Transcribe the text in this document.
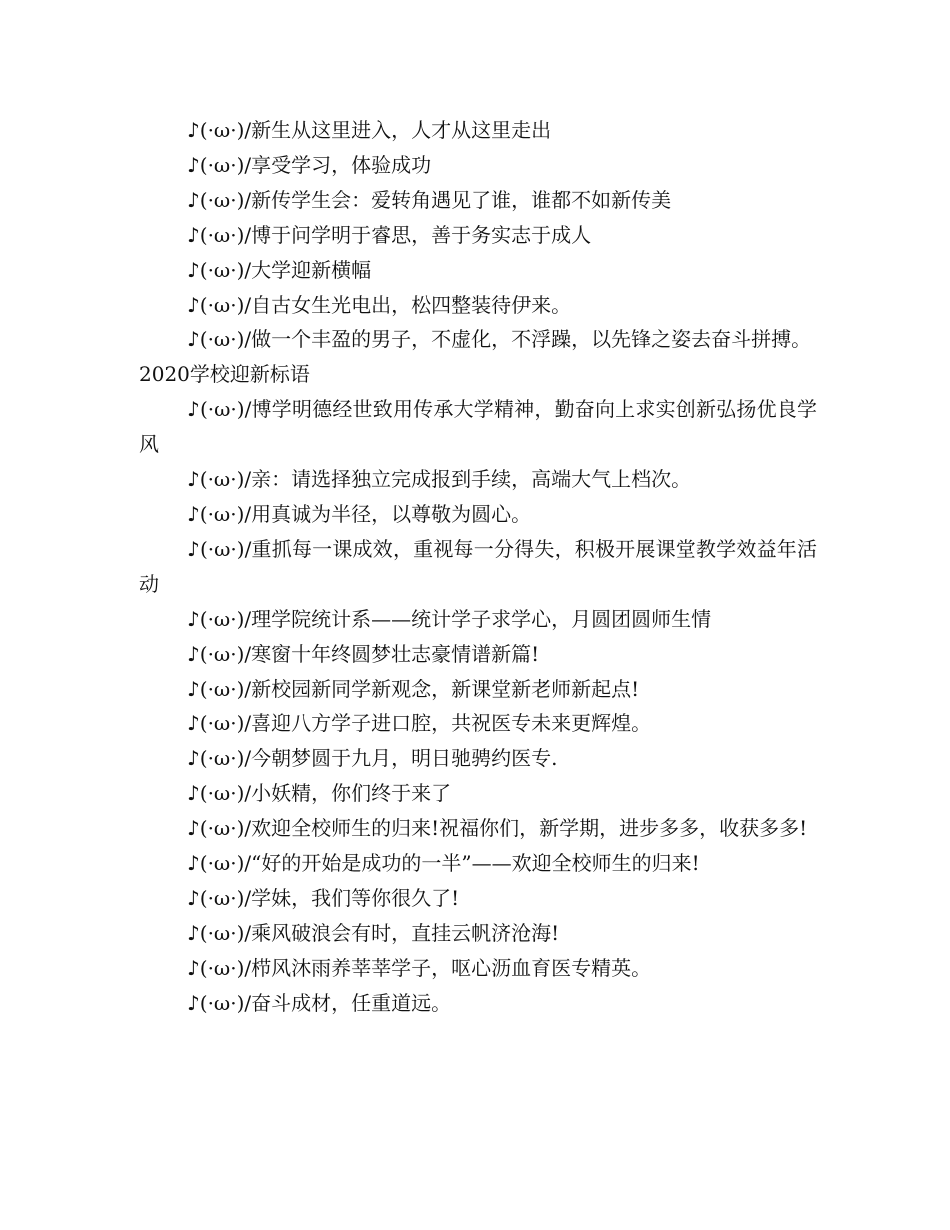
♪(·ω·)/新生从这里进入，人才从这里走出

♪(·ω·)/享受学习，体验成功

♪(·ω·)/新传学生会：爱转角遇见了谁，谁都不如新传美

♪(·ω·)/博于问学明于睿思，善于务实志于成人

♪(·ω·)/大学迎新横幅

♪(·ω·)/自古女生光电出，松四整装待伊来。

♪(·ω·)/做一个丰盈的男子，不虚化，不浮躁，以先锋之姿去奋斗拼搏。

2020学校迎新标语

♪(·ω·)/博学明德经世致用传承大学精神，勤奋向上求实创新弘扬优良学风

♪(·ω·)/亲：请选择独立完成报到手续，高端大气上档次。

♪(·ω·)/用真诚为半径，以尊敬为圆心。

♪(·ω·)/重抓每一课成效，重视每一分得失，积极开展课堂教学效益年活动

♪(·ω·)/理学院统计系——统计学子求学心，月圆团圆师生情

♪(·ω·)/寒窗十年终圆梦壮志豪情谱新篇!

♪(·ω·)/新校园新同学新观念，新课堂新老师新起点!

♪(·ω·)/喜迎八方学子进口腔，共祝医专未来更辉煌。

♪(·ω·)/今朝梦圆于九月，明日驰骋约医专.

♪(·ω·)/小妖精，你们终于来了

♪(·ω·)/欢迎全校师生的归来!祝福你们，新学期，进步多多，收获多多!

♪(·ω·)/“好的开始是成功的一半”——欢迎全校师生的归来!

♪(·ω·)/学妹，我们等你很久了!

♪(·ω·)/乘风破浪会有时，直挂云帆济沧海!

♪(·ω·)/栉风沐雨养莘莘学子，呕心沥血育医专精英。

♪(·ω·)/奋斗成材，任重道远。
